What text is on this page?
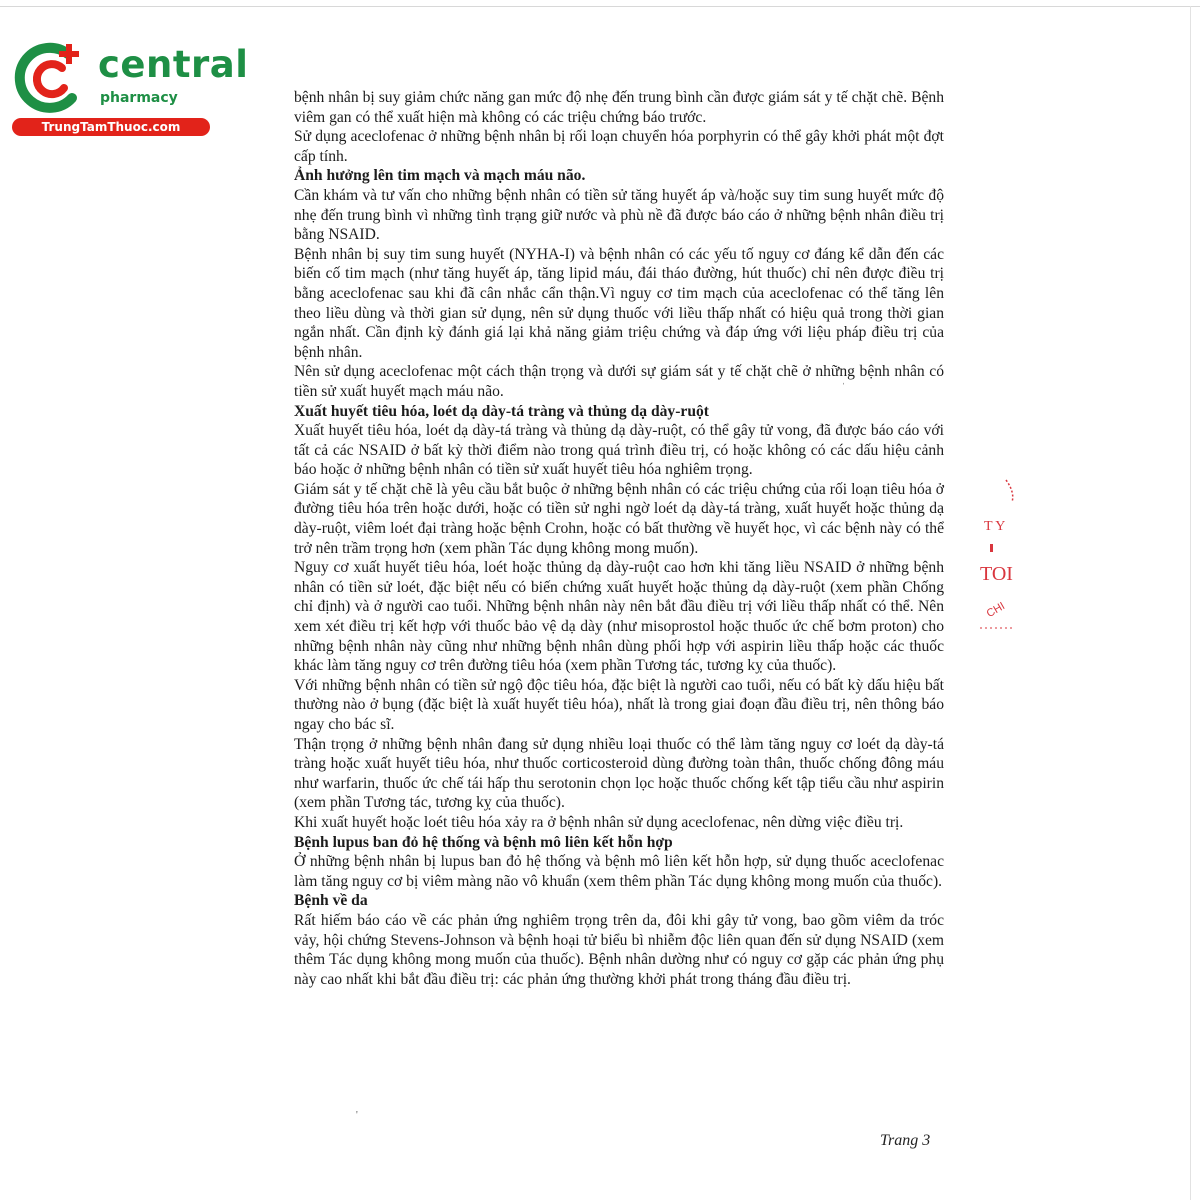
central
pharmacy
TrungTamThuoc.com

bệnh nhân bị suy giảm chức năng gan mức độ nhẹ đến trung bình cần được giám sát y tế chặt chẽ. Bệnh viêm gan có thể xuất hiện mà không có các triệu chứng báo trước.

Sử dụng aceclofenac ở những bệnh nhân bị rối loạn chuyển hóa porphyrin có thể gây khởi phát một đợt cấp tính.

Ảnh hưởng lên tim mạch và mạch máu não.

Cần khám và tư vấn cho những bệnh nhân có tiền sử tăng huyết áp và/hoặc suy tim sung huyết mức độ nhẹ đến trung bình vì những tình trạng giữ nước và phù nề đã được báo cáo ở những bệnh nhân điều trị bằng NSAID.

Bệnh nhân bị suy tim sung huyết (NYHA-I) và bệnh nhân có các yếu tố nguy cơ đáng kể dẫn đến các biến cố tim mạch (như tăng huyết áp, tăng lipid máu, đái tháo đường, hút thuốc) chỉ nên được điều trị bằng aceclofenac sau khi đã cân nhắc cẩn thận.Vì nguy cơ tim mạch của aceclofenac có thể tăng lên theo liều dùng và thời gian sử dụng, nên sử dụng thuốc với liều thấp nhất có hiệu quả trong thời gian ngắn nhất. Cần định kỳ đánh giá lại khả năng giảm triệu chứng và đáp ứng với liệu pháp điều trị của bệnh nhân.

Nên sử dụng aceclofenac một cách thận trọng và dưới sự giám sát y tế chặt chẽ ở những bệnh nhân có tiền sử xuất huyết mạch máu não.

Xuất huyết tiêu hóa, loét dạ dày-tá tràng và thủng dạ dày-ruột

Xuất huyết tiêu hóa, loét dạ dày-tá tràng và thủng dạ dày-ruột, có thể gây tử vong, đã được báo cáo với tất cả các NSAID ở bất kỳ thời điểm nào trong quá trình điều trị, có hoặc không có các dấu hiệu cảnh báo hoặc ở những bệnh nhân có tiền sử xuất huyết tiêu hóa nghiêm trọng.

Giám sát y tế chặt chẽ là yêu cầu bắt buộc ở những bệnh nhân có các triệu chứng của rối loạn tiêu hóa ở đường tiêu hóa trên hoặc dưới, hoặc có tiền sử nghi ngờ loét dạ dày-tá tràng, xuất huyết hoặc thủng dạ dày-ruột, viêm loét đại tràng hoặc bệnh Crohn, hoặc có bất thường về huyết học, vì các bệnh này có thể trở nên trầm trọng hơn (xem phần Tác dụng không mong muốn).

Nguy cơ xuất huyết tiêu hóa, loét hoặc thủng dạ dày-ruột cao hơn khi tăng liều NSAID ở những bệnh nhân có tiền sử loét, đặc biệt nếu có biến chứng xuất huyết hoặc thủng dạ dày-ruột (xem phần Chống chỉ định) và ở người cao tuổi. Những bệnh nhân này nên bắt đầu điều trị với liều thấp nhất có thể. Nên xem xét điều trị kết hợp với thuốc bảo vệ dạ dày (như misoprostol hoặc thuốc ức chế bơm proton) cho những bệnh nhân này cũng như những bệnh nhân dùng phối hợp với aspirin liều thấp hoặc các thuốc khác làm tăng nguy cơ trên đường tiêu hóa (xem phần Tương tác, tương kỵ của thuốc).

Với những bệnh nhân có tiền sử ngộ độc tiêu hóa, đặc biệt là người cao tuổi, nếu có bất kỳ dấu hiệu bất thường nào ở bụng (đặc biệt là xuất huyết tiêu hóa), nhất là trong giai đoạn đầu điều trị, nên thông báo ngay cho bác sĩ.

Thận trọng ở những bệnh nhân đang sử dụng nhiều loại thuốc có thể làm tăng nguy cơ loét dạ dày-tá tràng hoặc xuất huyết tiêu hóa, như thuốc corticosteroid dùng đường toàn thân, thuốc chống đông máu như warfarin, thuốc ức chế tái hấp thu serotonin chọn lọc hoặc thuốc chống kết tập tiểu cầu như aspirin (xem phần Tương tác, tương kỵ của thuốc).

Khi xuất huyết hoặc loét tiêu hóa xảy ra ở bệnh nhân sử dụng aceclofenac, nên dừng việc điều trị.

Bệnh lupus ban đỏ hệ thống và bệnh mô liên kết hỗn hợp

Ở những bệnh nhân bị lupus ban đỏ hệ thống và bệnh mô liên kết hỗn hợp, sử dụng thuốc aceclofenac làm tăng nguy cơ bị viêm màng não vô khuẩn (xem thêm phần Tác dụng không mong muốn của thuốc).

Bệnh về da

Rất hiếm báo cáo về các phản ứng nghiêm trọng trên da, đôi khi gây tử vong, bao gồm viêm da tróc vảy, hội chứng Stevens-Johnson và bệnh hoại tử biểu bì nhiễm độc liên quan đến sử dụng NSAID (xem thêm Tác dụng không mong muốn của thuốc). Bệnh nhân dường như có nguy cơ gặp các phản ứng phụ này cao nhất khi bắt đầu điều trị: các phản ứng thường khởi phát trong tháng đầu điều trị.

T Y
TOI
CHI
ˈ
'
Trang 3
